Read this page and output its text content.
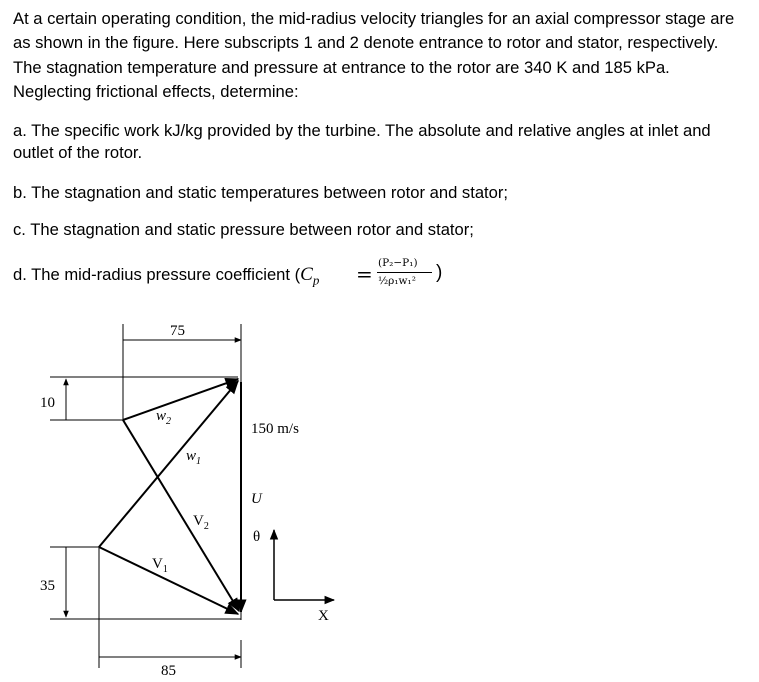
At a certain operating condition, the mid-radius velocity triangles for an axial compressor stage are as shown in the figure. Here subscripts 1 and 2 denote entrance to rotor and stator, respectively. The stagnation temperature and pressure at entrance to the rotor are 340 K and 185 kPa. Neglecting frictional effects, determine:

a. The specific work kJ/kg provided by the turbine. The absolute and relative angles at inlet and outlet of the rotor.

b. The stagnation and static temperatures between rotor and stator;

c. The stagnation and static pressure between rotor and stator;

d. The mid-radius pressure coefficient ($C_p = (P_2-P_1)$
½ρ₁w₁² )
75
10
35
85
$w_2$
$w_1$
$V_2$
$V_1$
150 m/s
U
θ
X
